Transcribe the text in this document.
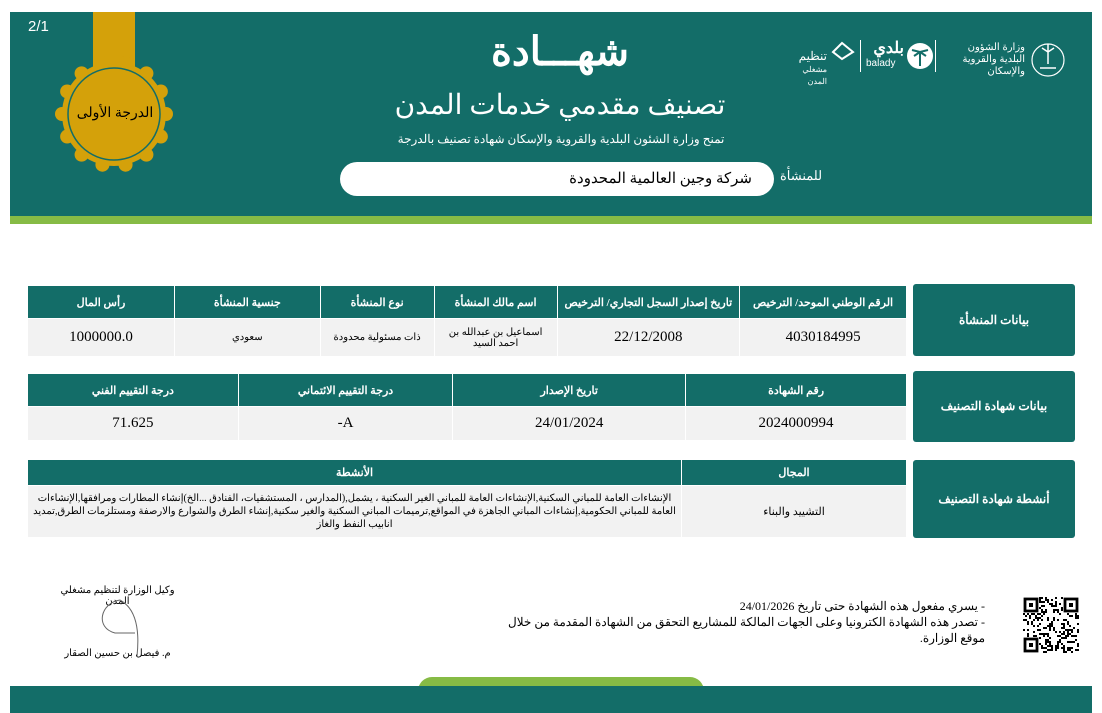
2/1
الدرجة الأولى
شهـــادة
تصنيف مقدمي خدمات المدن
تمنح وزارة الشئون البلدية والقروية والإسكان شهادة تصنيف بالدرجة
للمنشأة
شركة وجين العالمية المحدودة
وزارة الشؤون البلدية والقروية والإسكان
بلدي
balady
تنظيم
مشغلي المدن
بيانات المنشأة
بيانات شهادة التصنيف
أنشطة شهادة التصنيف
الرقم الوطني الموحد/ الترخيص	تاريخ إصدار السجل التجاري/ الترخيص	اسم مالك المنشأة	نوع المنشأة	جنسية المنشأة	رأس المال
4030184995	22/12/2008	اسماعيل بن عبدالله بن احمد السيد	ذات مسئولية محدودة	سعودي	1000000.0
رقم الشهادة	تاريخ الإصدار	درجة التقييم الائتماني	درجة التقييم الفني
2024000994	24/01/2024	A-	71.625
المجال	الأنشطة
التشييد والبناء	الإنشاءات العامة للمباني السكنية,الإنشاءات العامة للمباني الغير السكنية ، يشمل,(المدارس ، المستشفيات، الفنادق ...الخ)إنشاء المطارات ومرافقها,الإنشاءات العامة للمباني الحكومية,إنشاءات المباني الجاهزة في المواقع,ترميمات المباني السكنية والغير سكنية,إنشاء الطرق والشوارع والارصفة ومستلزمات الطرق,تمديد انابيب النفط والغاز
- يسري مفعول هذه الشهادة حتى تاريخ 24/01/2026
- تصدر هذه الشهادة الكترونيا وعلى الجهات المالكة للمشاريع التحقق من الشهادة المقدمة من خلال موقع الوزارة.
وكيل الوزارة لتنظيم مشغلي المدن
م. فيصل بن حسين الصقار
